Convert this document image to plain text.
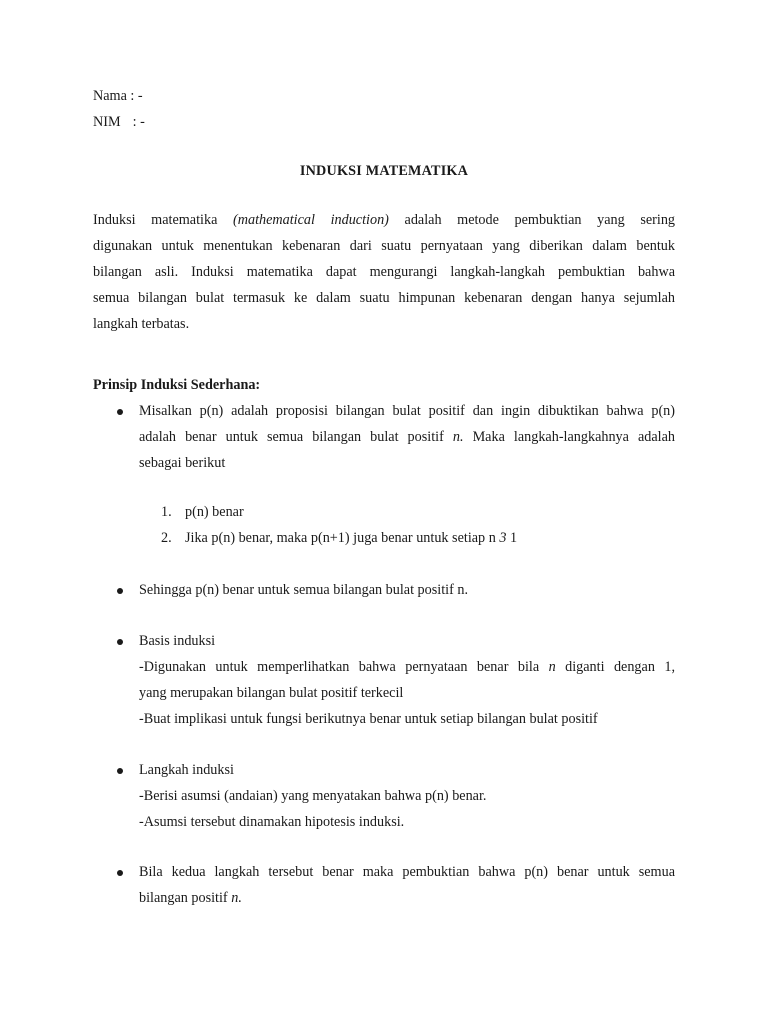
Nama : -
NIM : -
INDUKSI MATEMATIKA
Induksi matematika (mathematical induction) adalah metode pembuktian yang sering
digunakan untuk menentukan kebenaran dari suatu pernyataan yang diberikan dalam bentuk
bilangan asli. Induksi matematika dapat mengurangi langkah-langkah pembuktian bahwa
semua bilangan bulat termasuk ke dalam suatu himpunan kebenaran dengan hanya sejumlah
langkah terbatas.
Prinsip Induksi Sederhana:
Misalkan p(n) adalah proposisi bilangan bulat positif dan ingin dibuktikan bahwa p(n)
adalah benar untuk semua bilangan bulat positif n. Maka langkah-langkahnya adalah
sebagai berikut
1. p(n) benar
2. Jika p(n) benar, maka p(n+1) juga benar untuk setiap n 3 1
Sehingga p(n) benar untuk semua bilangan bulat positif n.
Basis induksi
-Digunakan untuk memperlihatkan bahwa pernyataan benar bila n diganti dengan 1,
yang merupakan bilangan bulat positif terkecil
-Buat implikasi untuk fungsi berikutnya benar untuk setiap bilangan bulat positif
Langkah induksi
-Berisi asumsi (andaian) yang menyatakan bahwa p(n) benar.
-Asumsi tersebut dinamakan hipotesis induksi.
Bila kedua langkah tersebut benar maka pembuktian bahwa p(n) benar untuk semua
bilangan positif n.
